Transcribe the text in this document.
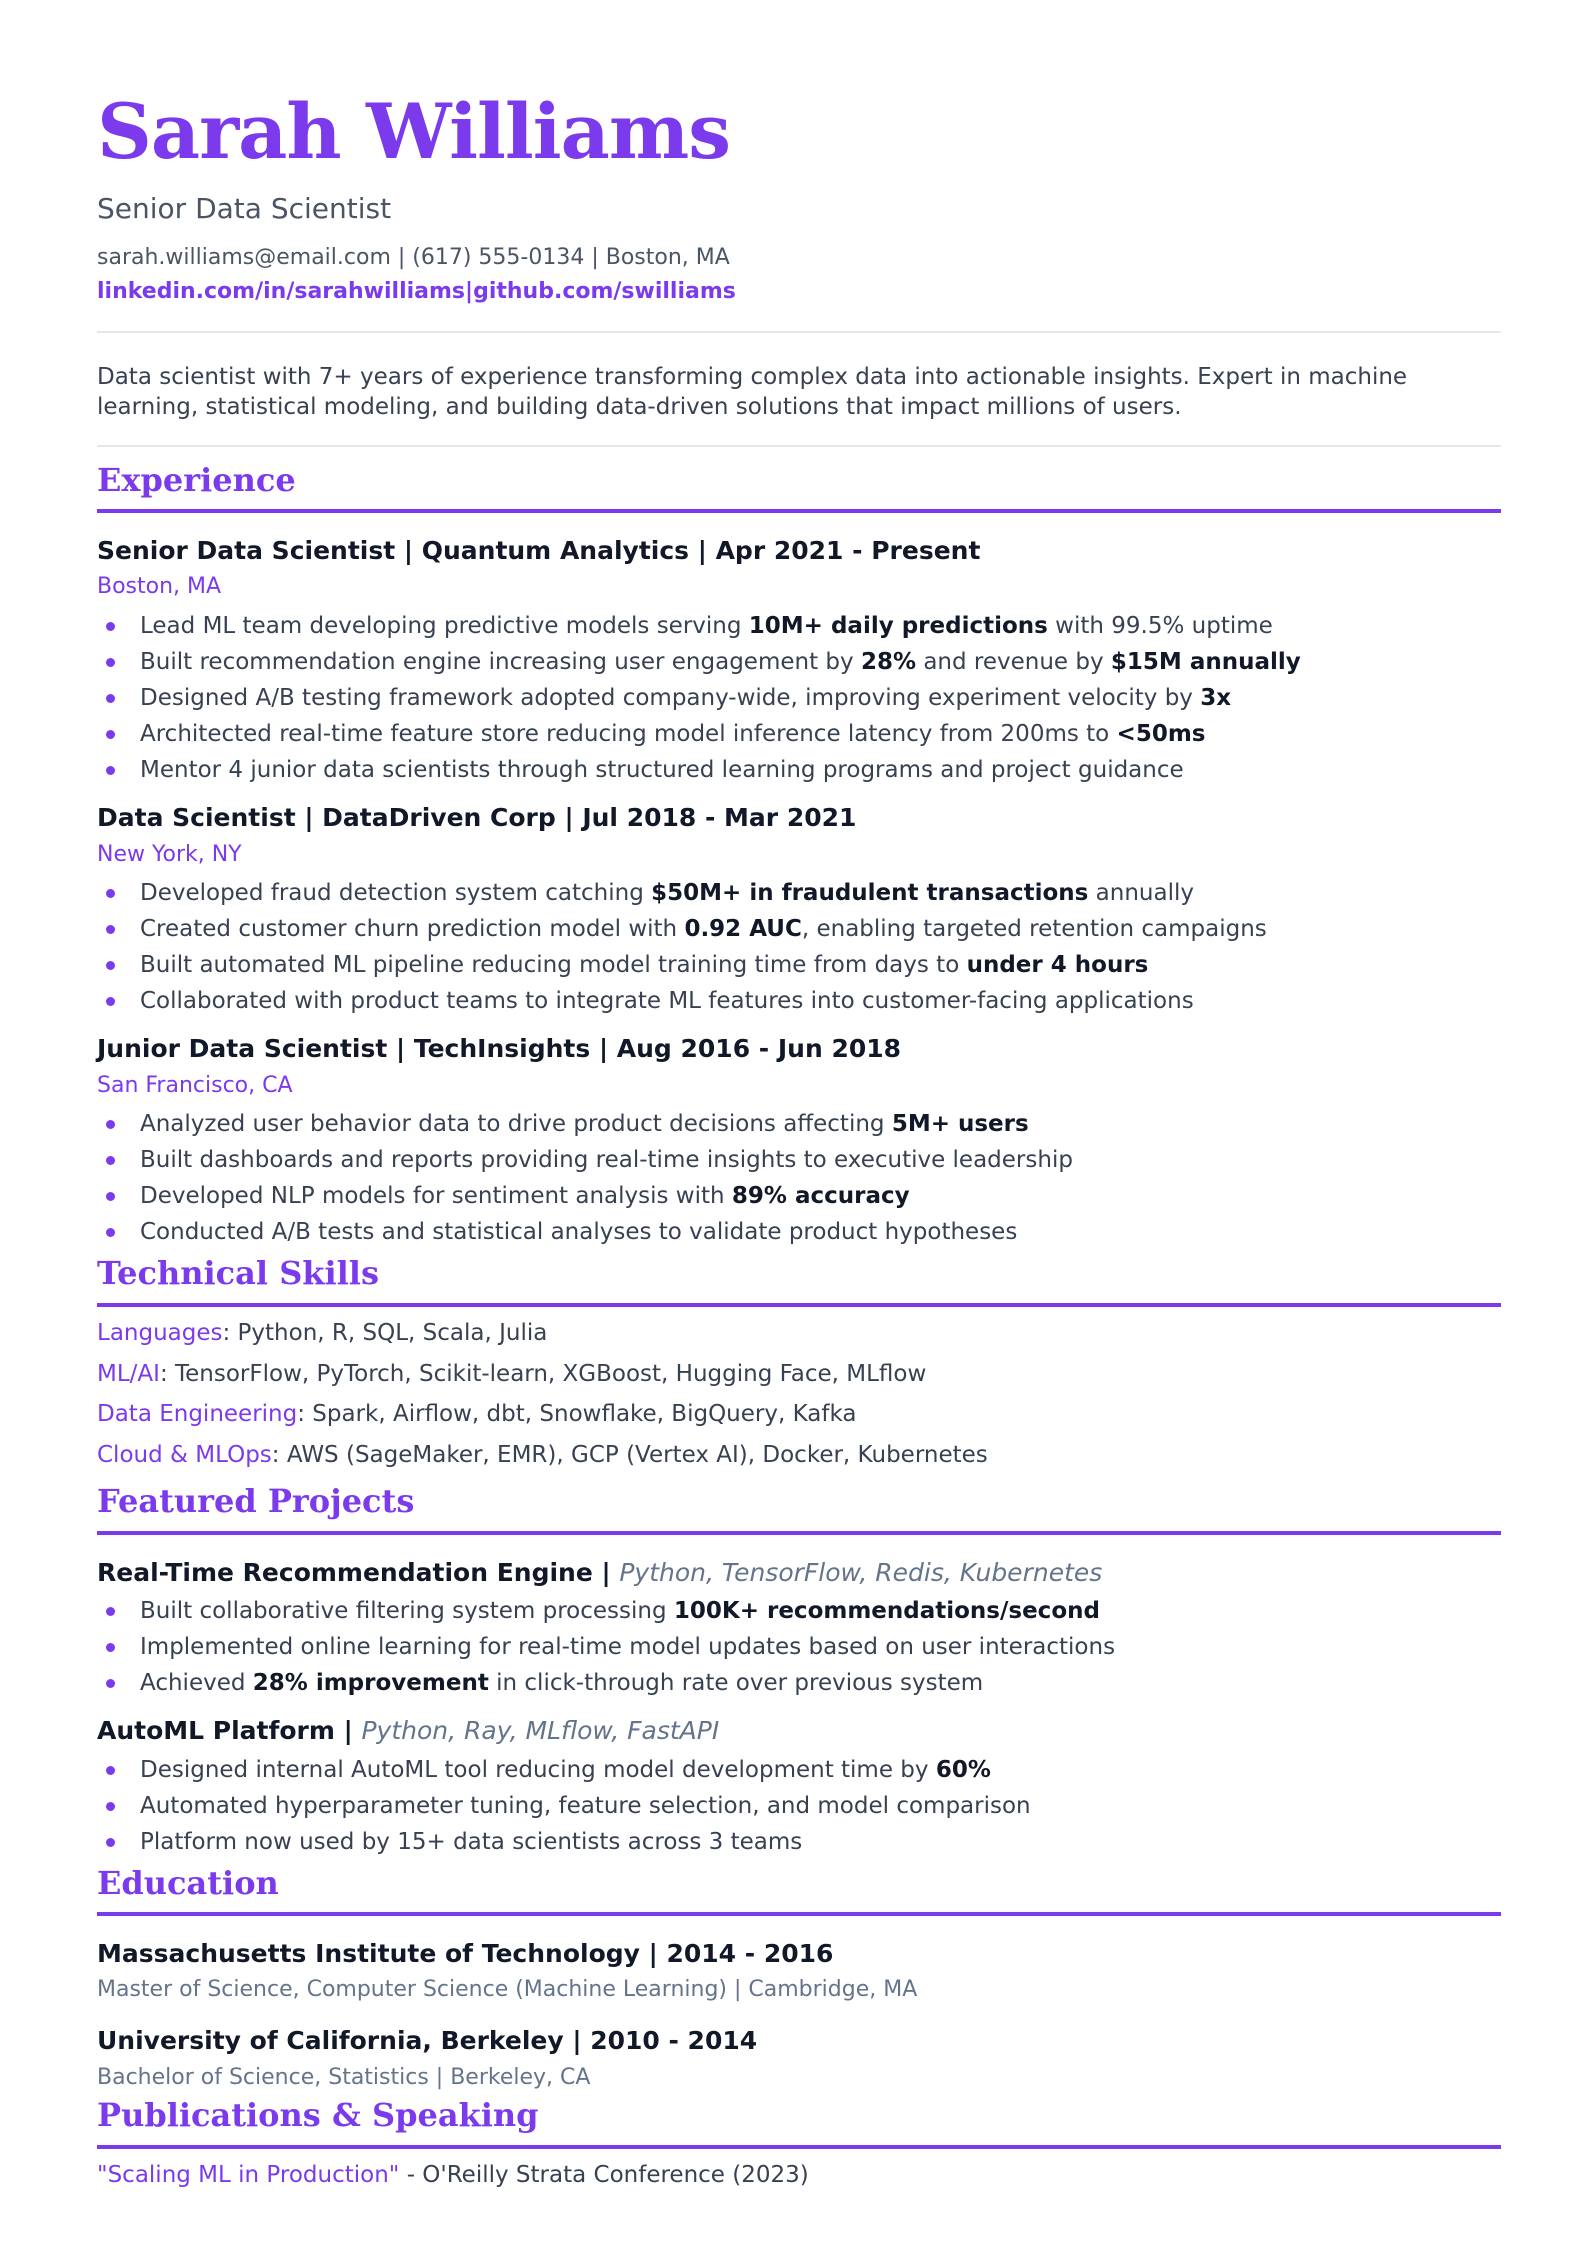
Sarah Williams
Senior Data Scientist
sarah.williams@email.com | (617) 555-0134 | Boston, MA
linkedin.com/in/sarahwilliams|github.com/swilliams
Data scientist with 7+ years of experience transforming complex data into actionable insights. Expert in machine learning, statistical modeling, and building data-driven solutions that impact millions of users.
Experience
Senior Data Scientist | Quantum Analytics | Apr 2021 - Present
Boston, MA
Lead ML team developing predictive models serving 10M+ daily predictions with 99.5% uptime
Built recommendation engine increasing user engagement by 28% and revenue by $15M annually
Designed A/B testing framework adopted company-wide, improving experiment velocity by 3x
Architected real-time feature store reducing model inference latency from 200ms to <50ms
Mentor 4 junior data scientists through structured learning programs and project guidance
Data Scientist | DataDriven Corp | Jul 2018 - Mar 2021
New York, NY
Developed fraud detection system catching $50M+ in fraudulent transactions annually
Created customer churn prediction model with 0.92 AUC, enabling targeted retention campaigns
Built automated ML pipeline reducing model training time from days to under 4 hours
Collaborated with product teams to integrate ML features into customer-facing applications
Junior Data Scientist | TechInsights | Aug 2016 - Jun 2018
San Francisco, CA
Analyzed user behavior data to drive product decisions affecting 5M+ users
Built dashboards and reports providing real-time insights to executive leadership
Developed NLP models for sentiment analysis with 89% accuracy
Conducted A/B tests and statistical analyses to validate product hypotheses
Technical Skills
Languages: Python, R, SQL, Scala, Julia
ML/AI: TensorFlow, PyTorch, Scikit-learn, XGBoost, Hugging Face, MLflow
Data Engineering: Spark, Airflow, dbt, Snowflake, BigQuery, Kafka
Cloud & MLOps: AWS (SageMaker, EMR), GCP (Vertex AI), Docker, Kubernetes
Featured Projects
Real-Time Recommendation Engine | Python, TensorFlow, Redis, Kubernetes
Built collaborative filtering system processing 100K+ recommendations/second
Implemented online learning for real-time model updates based on user interactions
Achieved 28% improvement in click-through rate over previous system
AutoML Platform | Python, Ray, MLflow, FastAPI
Designed internal AutoML tool reducing model development time by 60%
Automated hyperparameter tuning, feature selection, and model comparison
Platform now used by 15+ data scientists across 3 teams
Education
Massachusetts Institute of Technology | 2014 - 2016
Master of Science, Computer Science (Machine Learning) | Cambridge, MA
University of California, Berkeley | 2010 - 2014
Bachelor of Science, Statistics | Berkeley, CA
Publications & Speaking
"Scaling ML in Production" - O'Reilly Strata Conference (2023)
